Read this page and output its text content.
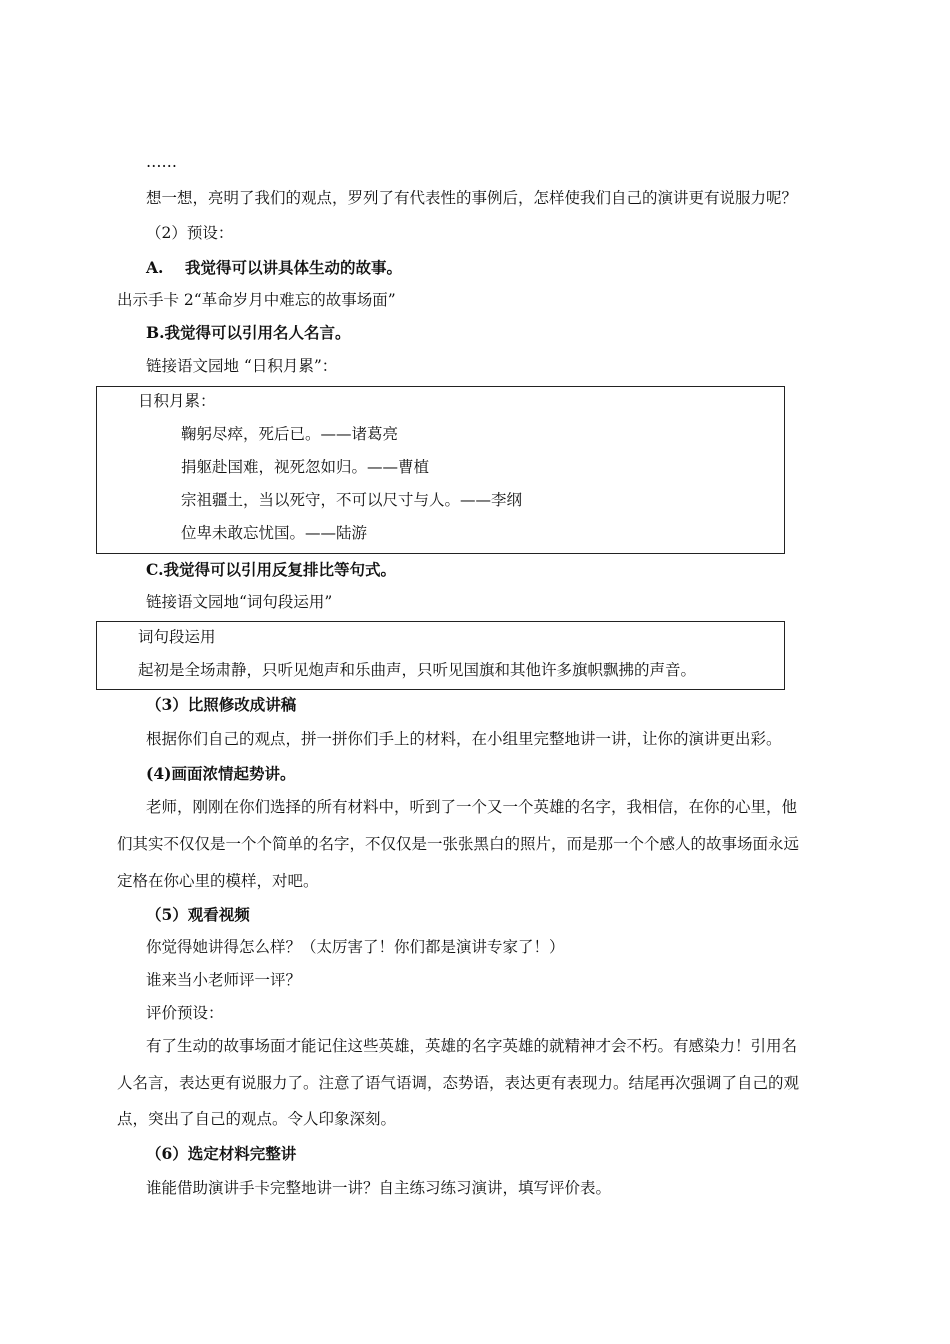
……
想一想，亮明了我们的观点，罗列了有代表性的事例后，怎样使我们自己的演讲更有说服力呢？
（2）预设：
A.    我觉得可以讲具体生动的故事。
出示手卡 2“革命岁月中难忘的故事场面”
B.我觉得可以引用名人名言。
链接语文园地 “日积月累”：
日积月累：
鞠躬尽瘁，死后已。——诸葛亮
捐躯赴国难，视死忽如归。——曹植
宗祖疆土，当以死守，不可以尺寸与人。——李纲
位卑未敢忘忧国。——陆游
C.我觉得可以引用反复排比等句式。
链接语文园地“词句段运用”
词句段运用
起初是全场肃静，只听见炮声和乐曲声，只听见国旗和其他许多旗帜飘拂的声音。
（3）比照修改成讲稿
根据你们自己的观点，拼一拼你们手上的材料，在小组里完整地讲一讲，让你的演讲更出彩。
(4)画面浓情起势讲。
老师，刚刚在你们选择的所有材料中，听到了一个又一个英雄的名字，我相信，在你的心里，他
们其实不仅仅是一个个简单的名字，不仅仅是一张张黑白的照片，而是那一个个感人的故事场面永远
定格在你心里的模样，对吧。
（5）观看视频
你觉得她讲得怎么样？（太厉害了！你们都是演讲专家了！）
谁来当小老师评一评？
评价预设：
有了生动的故事场面才能记住这些英雄，英雄的名字英雄的就精神才会不朽。有感染力！引用名
人名言，表达更有说服力了。注意了语气语调，态势语，表达更有表现力。结尾再次强调了自己的观
点，突出了自己的观点。令人印象深刻。
（6）选定材料完整讲
谁能借助演讲手卡完整地讲一讲？自主练习练习演讲，填写评价表。
